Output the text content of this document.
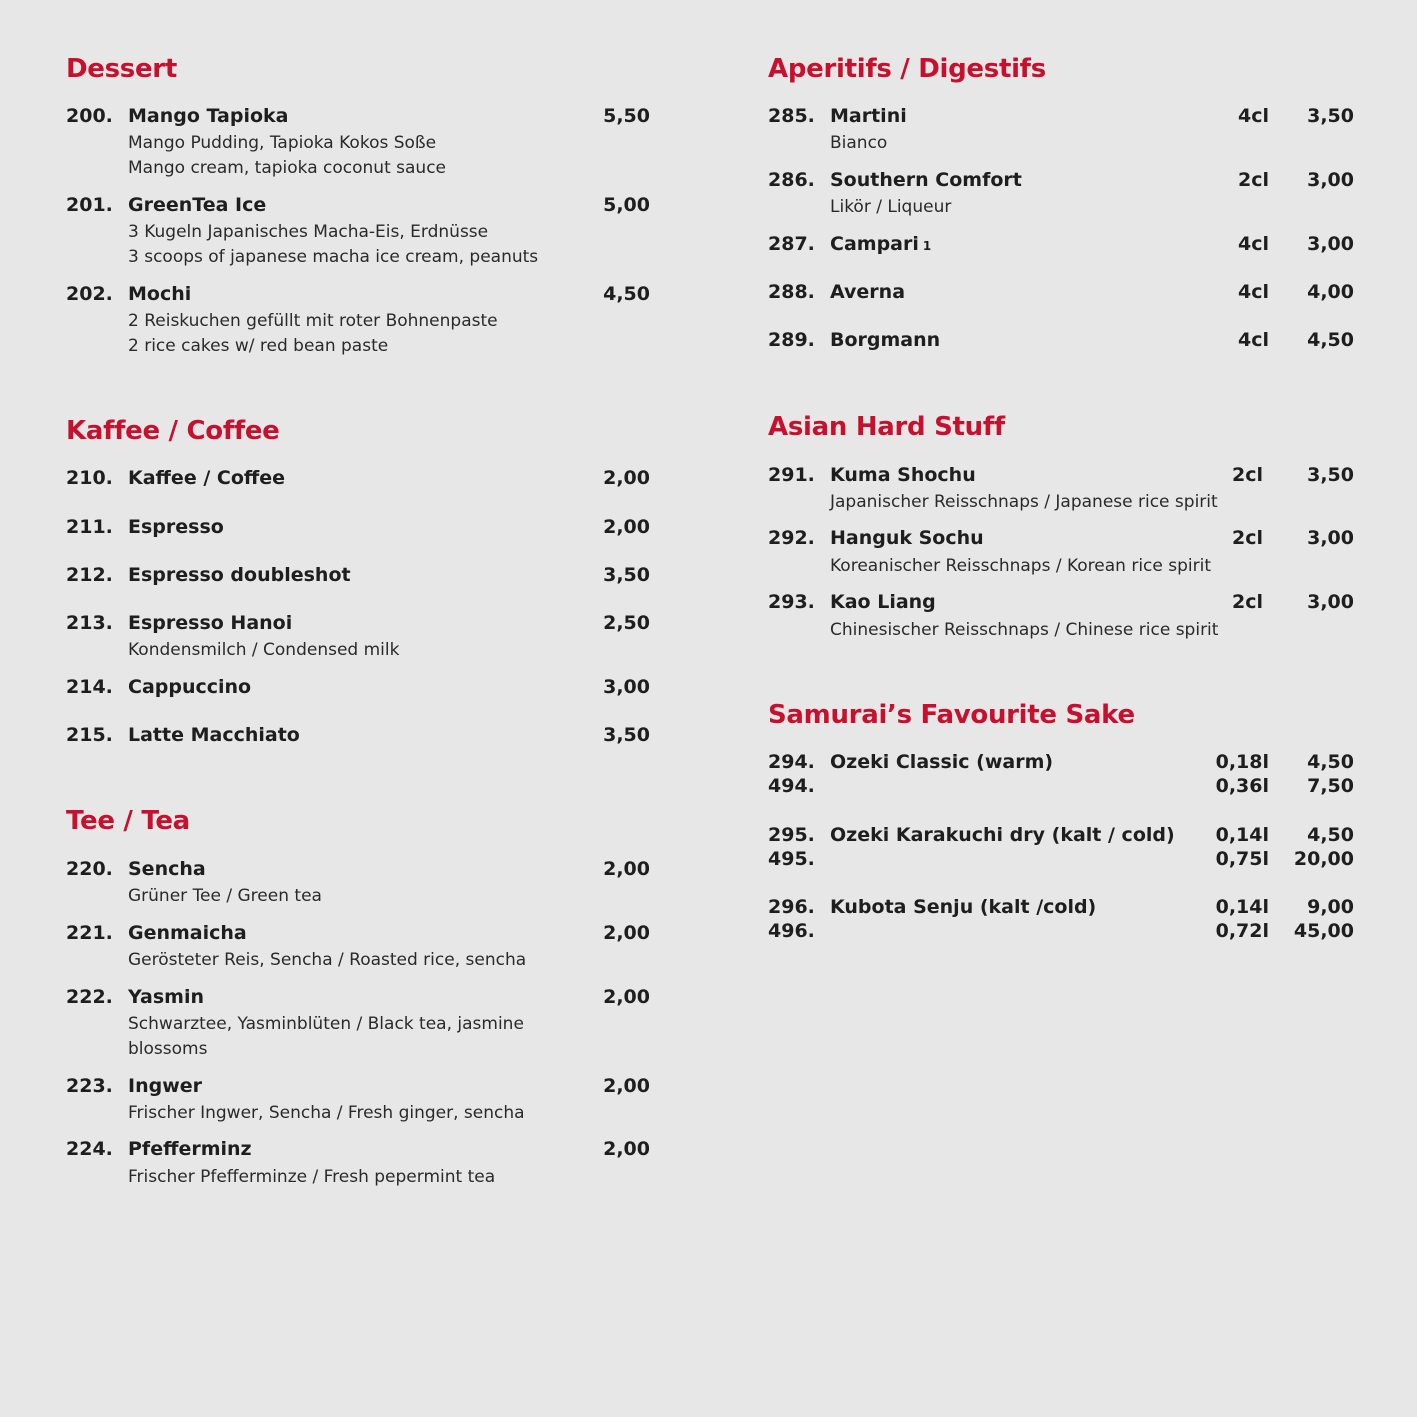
Dessert
200. Mango Tapioka	5,50
Mango Pudding, Tapioka Kokos Soße
Mango cream, tapioka coconut sauce
201. GreenTea Ice	5,00
3 Kugeln Japanisches Macha-Eis, Erdnüsse
3 scoops of japanese macha ice cream, peanuts
202. Mochi	4,50
2 Reiskuchen gefüllt mit roter Bohnenpaste
2 rice cakes w/ red bean paste
Kaffee / Coffee
210. Kaffee / Coffee	2,00
211. Espresso	2,00
212. Espresso doubleshot	3,50
213. Espresso Hanoi	2,50
Kondensmilch / Condensed milk
214. Cappuccino	3,00
215. Latte Macchiato	3,50
Tee / Tea
220. Sencha	2,00
Grüner Tee / Green tea
221. Genmaicha	2,00
Gerösteter Reis, Sencha / Roasted rice, sencha
222. Yasmin	2,00
Schwarztee, Yasminblüten / Black tea, jasmine
blossoms
223. Ingwer	2,00
Frischer Ingwer, Sencha / Fresh ginger, sencha
224. Pfefferminz	2,00
Frischer Pfefferminze / Fresh pepermint tea
Aperitifs / Digestifs
285. Martini	4cl 3,50
Bianco
286. Southern Comfort	2cl 3,00
Likör / Liqueur
287. Campari 1	4cl 3,00
288. Averna	4cl 4,00
289. Borgmann	4cl 4,50
Asian Hard Stuff
291. Kuma Shochu	2cl 3,50
Japanischer Reisschnaps / Japanese rice spirit
292. Hanguk Sochu	2cl 3,00
Koreanischer Reisschnaps / Korean rice spirit
293. Kao Liang	2cl 3,00
Chinesischer Reisschnaps / Chinese rice spirit
Samurai’s Favourite Sake
294. Ozeki Classic (warm)	0,18l 4,50
494.	0,36l 7,50
295. Ozeki Karakuchi dry (kalt / cold) 0,14l 4,50
495.	0,75l 20,00
296. Kubota Senju (kalt /cold)	0,14l 9,00
496.	0,72l 45,00
